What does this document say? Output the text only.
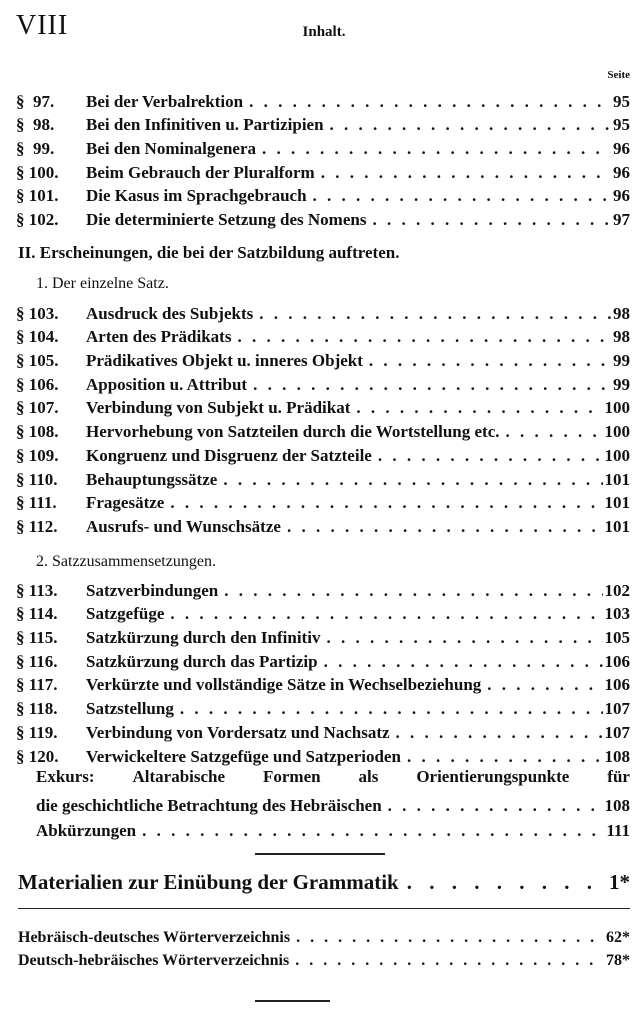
VIII	Inhalt.
Seite
§  97.	Bei der Verbalrektion . . .	95
§  98.	Bei den Infinitiven u. Partizipien . . .	95
§  99.	Bei den Nominalgenera . . .	96
§ 100.	Beim Gebrauch der Pluralform . . .	96
§ 101.	Die Kasus im Sprachgebrauch . . .	96
§ 102.	Die determinierte Setzung des Nomens . . .	97
II. Erscheinungen, die bei der Satzbildung auftreten.
1. Der einzelne Satz.
§ 103.	Ausdruck des Subjekts . . .	98
§ 104.	Arten des Prädikats . . .	98
§ 105.	Prädikatives Objekt u. inneres Objekt . . .	99
§ 106.	Apposition u. Attribut . . .	99
§ 107.	Verbindung von Subjekt u. Prädikat . . .	100
§ 108.	Hervorhebung von Satzteilen durch die Wortstellung etc. . . .	100
§ 109.	Kongruenz und Disgruenz der Satzteile . . .	100
§ 110.	Behauptungssätze . . .	101
§ 111.	Fragesätze . . .	101
§ 112.	Ausrufs- und Wunschsätze . . .	101
2. Satzzusammensetzungen.
§ 113.	Satzverbindungen . . .	102
§ 114.	Satzgefüge . . .	103
§ 115.	Satzkürzung durch den Infinitiv . . .	105
§ 116.	Satzkürzung durch das Partizip . . .	106
§ 117.	Verkürzte und vollständige Sätze in Wechselbeziehung . . .	106
§ 118.	Satzstellung . . .	107
§ 119.	Verbindung von Vordersatz und Nachsatz . . .	107
§ 120.	Verwickeltere Satzgefüge und Satzperioden . . .	108
Exkurs: Altarabische Formen als Orientierungspunkte für
die geschichtliche Betrachtung des Hebräischen . . .	108
Abkürzungen . . .	111
Materialien zur Einübung der Grammatik . . .	1*
Hebräisch-deutsches Wörterverzeichnis . . .	62*
Deutsch-hebräisches Wörterverzeichnis . . .	78*
